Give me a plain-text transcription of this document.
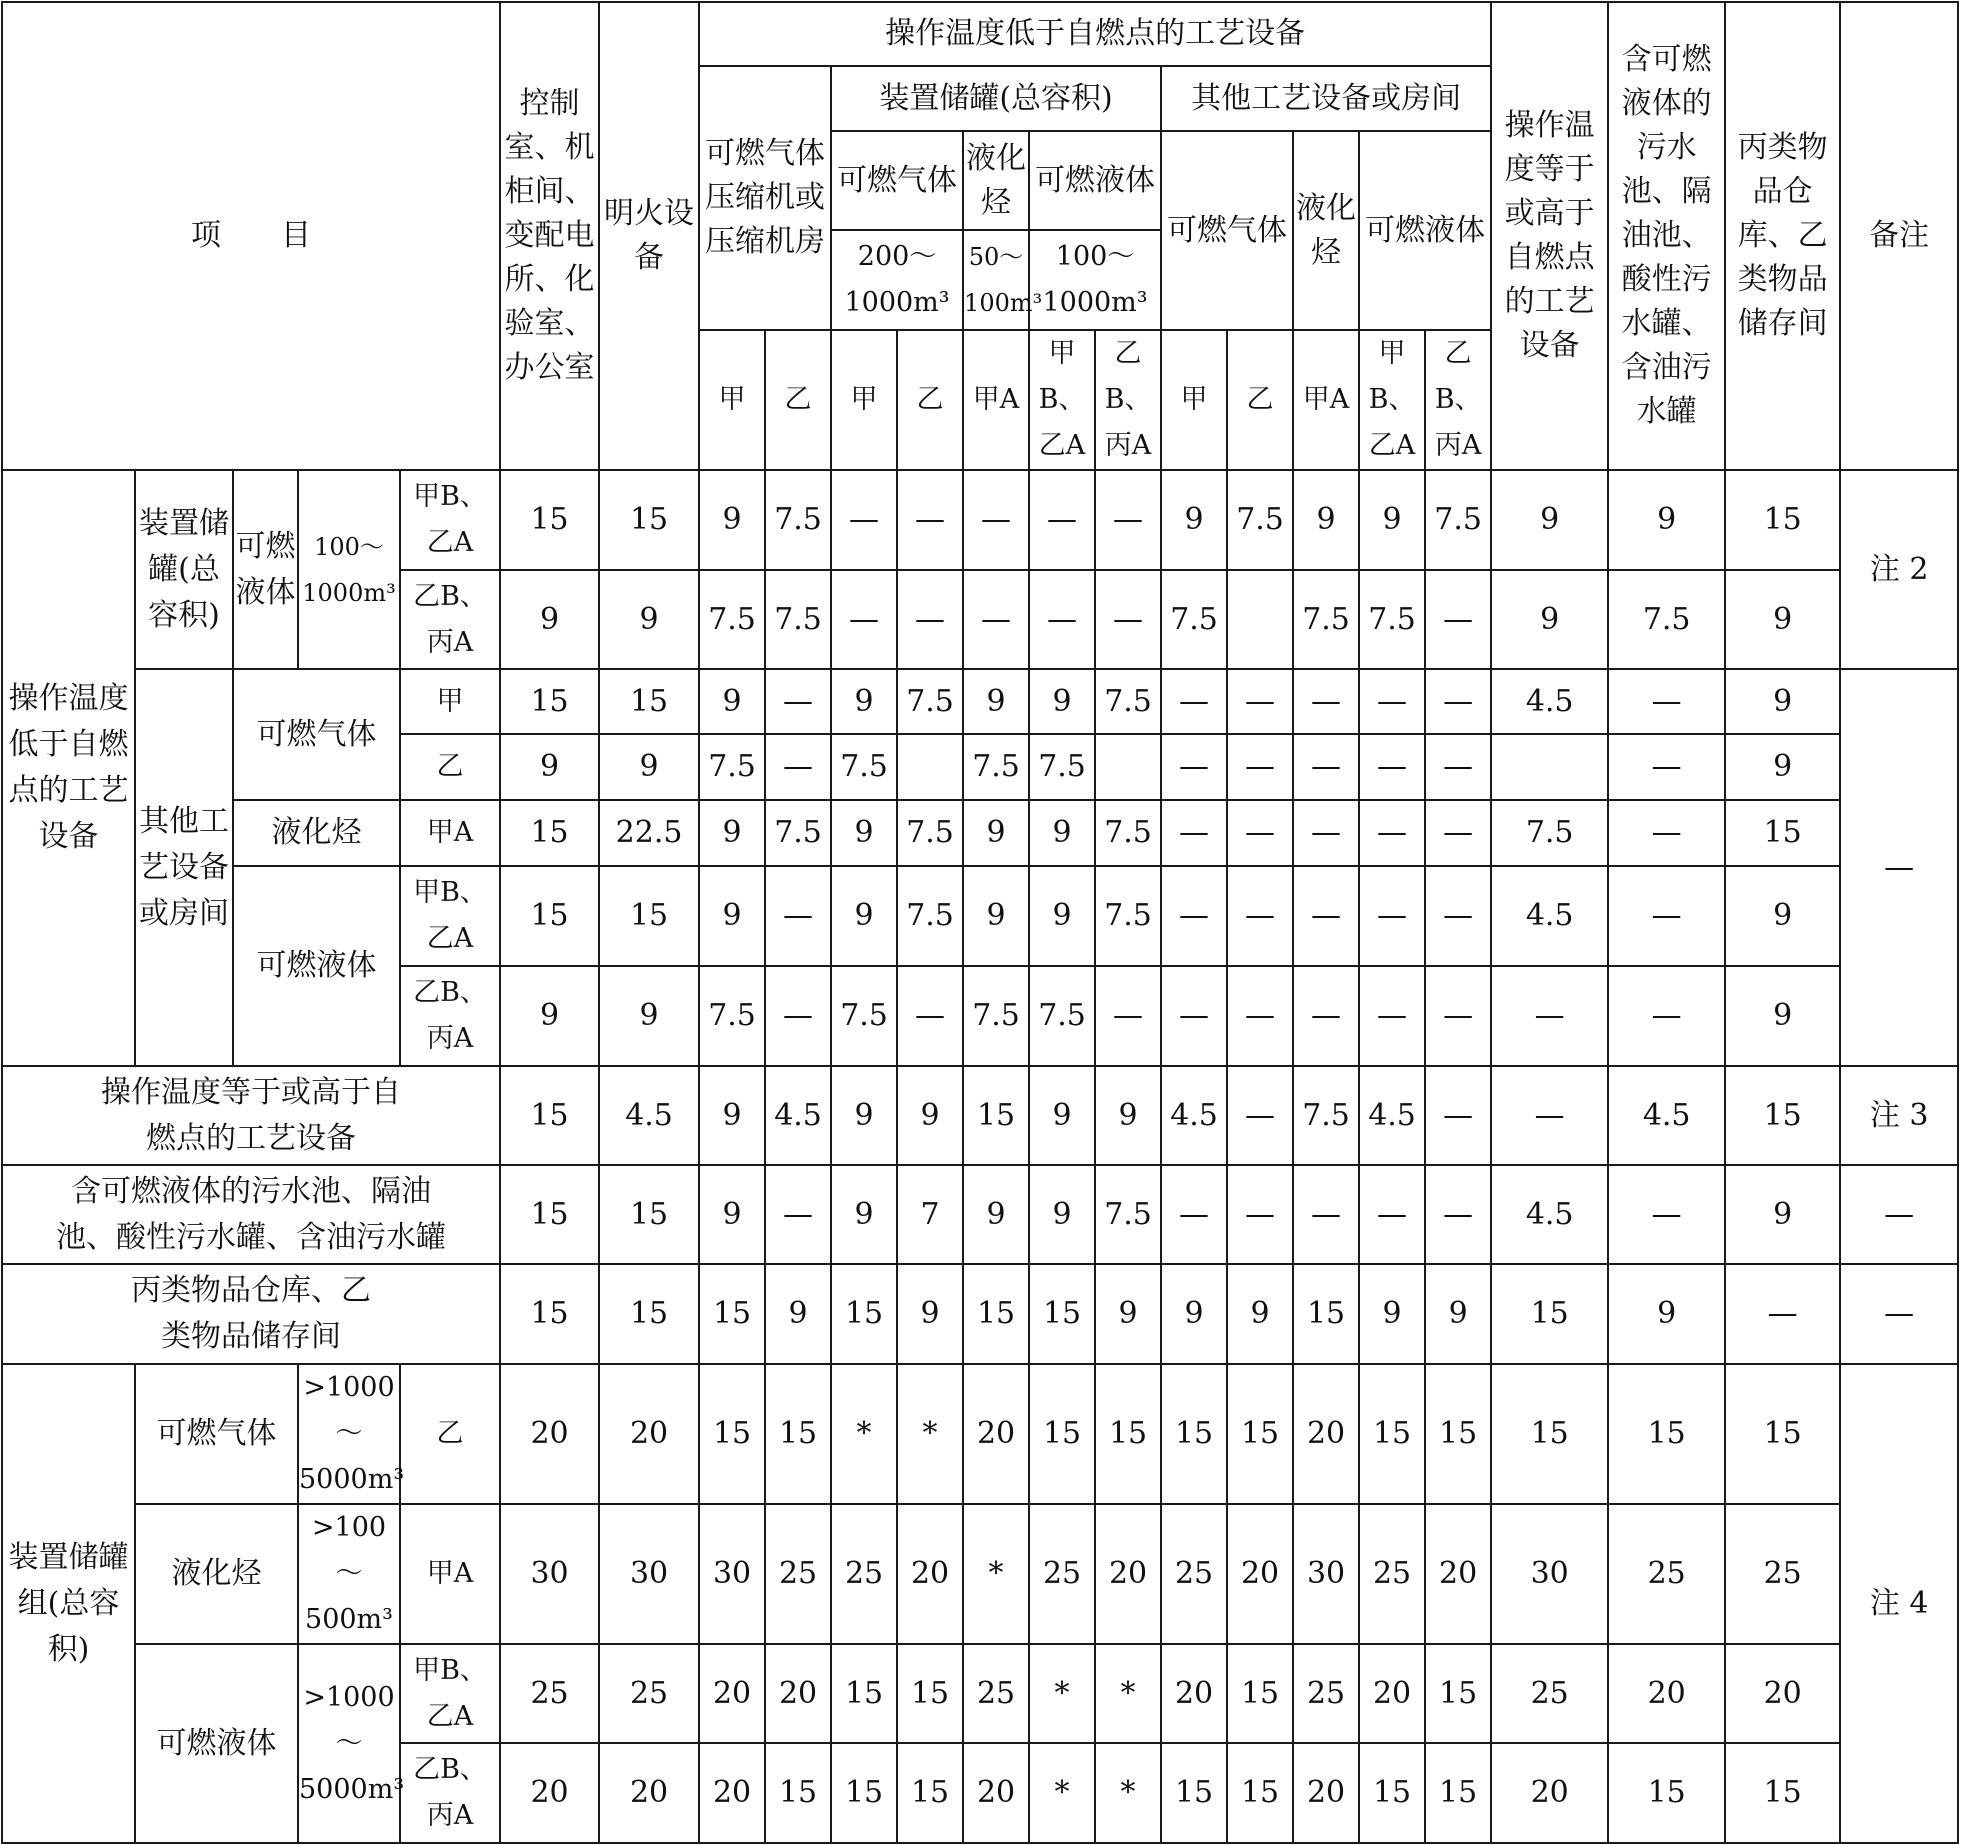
项　　目					控制室、机柜间、变配电所、化验室、办公室	明火设备	操作温度低于自燃点的工艺设备												操作温度等于或高于自燃点的工艺设备	含可燃液体的污水池、隔油池、酸性污水罐、含油污水罐	丙类物品仓库、乙类物品储存间	备注
							可燃气体压缩机或压缩机房		装置储罐(总容积)					其他工艺设备或房间								
									可燃气体		液化烃	可燃液体		可燃气体		液化烃	可燃液体					
									200～1000m³		50～100m³	100～1000m³										
							甲	乙	甲	乙	甲A	甲B、乙A	乙B、丙A	甲	乙	甲A	甲B、乙A	乙B、丙A				
操作温度低于自燃点的工艺设备	装置储罐(总容积)	可燃液体	100～1000m³	甲B、乙A	15	15	9	7.5	—	—	—	—	—	9	7.5	9	9	7.5	9	9	15	注 2
				乙B、丙A	9	9	7.5	7.5	—	—	—	—	—	7.5		7.5	7.5	—	9	7.5	9	
	其他工艺设备或房间	可燃气体		甲	15	15	9	—	9	7.5	9	9	7.5	—	—	—	—	—	4.5	—	9	—
				乙	9	9	7.5	—	7.5		7.5	7.5		—	—	—	—	—		—	9	
		液化烃		甲A	15	22.5	9	7.5	9	7.5	9	9	7.5	—	—	—	—	—	7.5	—	15	
		可燃液体		甲B、乙A	15	15	9	—	9	7.5	9	9	7.5	—	—	—	—	—	4.5	—	9	
				乙B、丙A	9	9	7.5	—	7.5	—	7.5	7.5	—	—	—	—	—	—	—	—	9	
操作温度等于或高于自燃点的工艺设备					15	4.5	9	4.5	9	9	15	9	9	4.5	—	7.5	4.5	—	—	4.5	15	注 3
含可燃液体的污水池、隔油池、酸性污水罐、含油污水罐					15	15	9	—	9	7	9	9	7.5	—	—	—	—	—	4.5	—	9	—
丙类物品仓库、乙类物品储存间					15	15	15	9	15	9	15	15	9	9	9	15	9	9	15	9	—	—
装置储罐组(总容积)	可燃气体		>1000～5000m³	乙	20	20	15	15	*	*	20	15	15	15	15	20	15	15	15	15	15	注 4
	液化烃		>100～500m³	甲A	30	30	30	25	25	20	*	25	20	25	20	30	25	20	30	25	25	
	可燃液体		>1000～5000m³	甲B、乙A	25	25	20	20	15	15	25	*	*	20	15	25	20	15	25	20	20	
				乙B、丙A	20	20	20	15	15	15	20	*	*	15	15	20	15	15	20	15	15	
